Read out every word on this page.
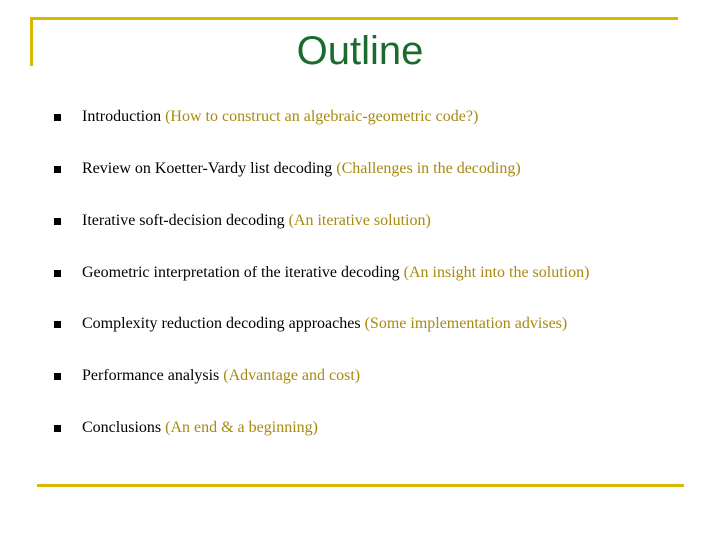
Outline
Introduction (How to construct an algebraic-geometric code?)
Review on Koetter-Vardy list decoding (Challenges in the decoding)
Iterative soft-decision decoding (An iterative solution)
Geometric interpretation of the iterative decoding (An insight into the solution)
Complexity reduction decoding approaches (Some implementation advises)
Performance analysis (Advantage and cost)
Conclusions (An end & a beginning)
